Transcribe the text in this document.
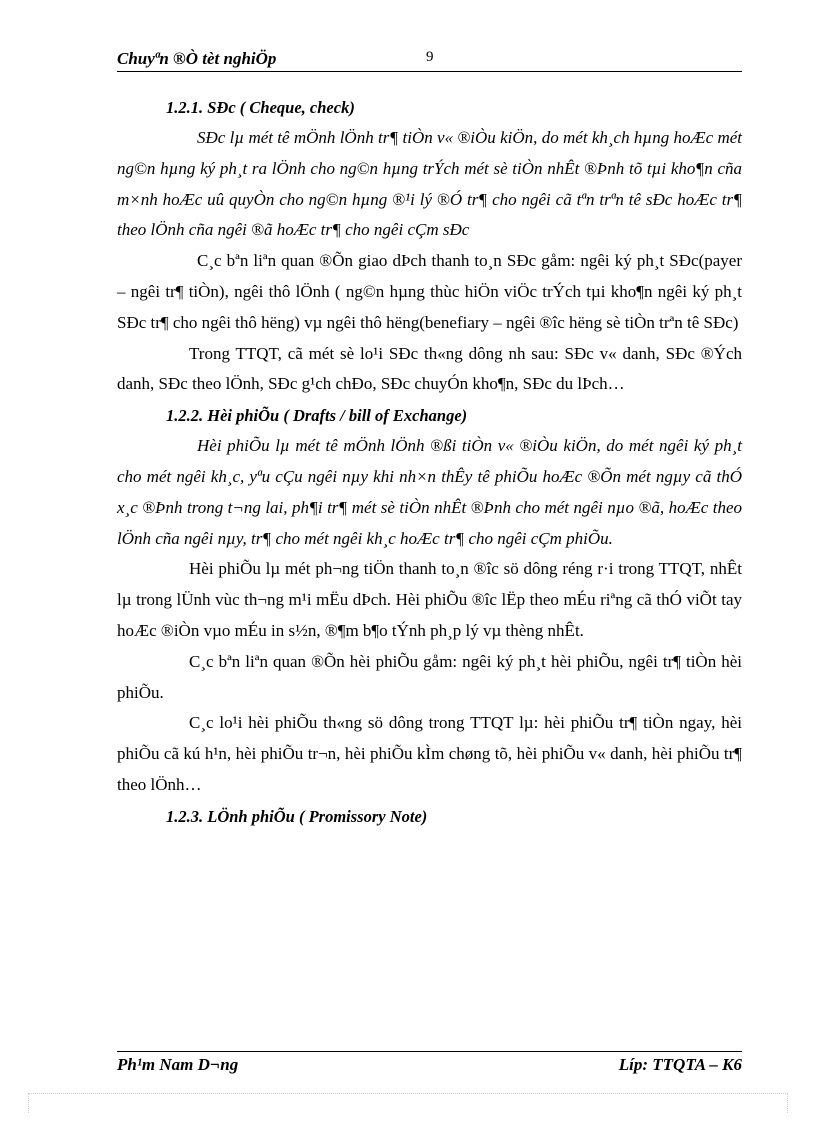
Chuyªn ®Ò tèt nghiÖp	9

1.2.1. SÐc ( Cheque, check)

SÐc lµ mét tê mÖnh lÖnh tr¶ tiÒn v« ®iÒu kiÖn, do mét kh¸ch hµng hoÆc mét ng©n hµng ký ph¸t ra lÖnh cho ng©n hµng trÝch mét sè tiÒn nhÊt ®Þnh tõ tµi kho¶n cña m×nh hoÆc uû quyÒn cho ng©n hµng ®¹i lý ®Ó tr¶ cho ngêi cã tªn trªn tê sÐc hoÆc tr¶ theo lÖnh cña ngêi ®ã hoÆc tr¶ cho ngêi cÇm sÐc

C¸c bªn liªn quan ®Õn giao dÞch thanh to¸n SÐc gåm: ngêi ký ph¸t SÐc(payer – ngêi tr¶ tiÒn), ngêi thô lÖnh ( ng©n hµng thùc hiÖn viÖc trÝch tµi kho¶n ngêi ký ph¸t SÐc tr¶ cho ngêi thô hëng) vµ ngêi thô hëng(benefiary – ngêi ®îc hëng sè tiÒn trªn tê SÐc)

Trong TTQT, cã mét sè lo¹i SÐc th«ng dông nh sau: SÐc v« danh, SÐc ®Ých danh, SÐc theo lÖnh, SÐc g¹ch chÐo, SÐc chuyÓn kho¶n, SÐc du lÞch…

1.2.2. Hèi phiÕu ( Drafts / bill of Exchange)

Hèi phiÕu lµ mét tê mÖnh lÖnh ®ßi tiÒn v« ®iÒu kiÖn, do mét ngêi ký ph¸t cho mét ngêi kh¸c, yªu cÇu ngêi nµy khi nh×n thÊy tê phiÕu hoÆc ®Õn mét ngµy cã thÓ x¸c ®Þnh trong t¬ng lai, ph¶i tr¶ mét sè tiÒn nhÊt ®Þnh cho mét ngêi nµo ®ã, hoÆc theo lÖnh cña ngêi nµy, tr¶ cho mét ngêi kh¸c hoÆc tr¶ cho ngêi cÇm phiÕu.

Hèi phiÕu lµ mét ph¬ng tiÖn thanh to¸n ®îc sö dông réng r·i trong TTQT, nhÊt lµ trong lÜnh vùc th¬ng m¹i mËu dÞch. Hèi phiÕu ®îc lËp theo mÉu riªng cã thÓ viÕt tay hoÆc ®iÒn vµo mÉu in s½n, ®¶m b¶o tÝnh ph¸p lý vµ thèng nhÊt.

C¸c bªn liªn quan ®Õn hèi phiÕu gåm: ngêi ký ph¸t hèi phiÕu, ngêi tr¶ tiÒn hèi phiÕu.

C¸c lo¹i hèi phiÕu th«ng sö dông trong TTQT lµ: hèi phiÕu tr¶ tiÒn ngay, hèi phiÕu cã kú h¹n, hèi phiÕu tr¬n, hèi phiÕu kÌm chøng tõ, hèi phiÕu v« danh, hèi phiÕu tr¶ theo lÖnh…

1.2.3. LÖnh phiÕu ( Promissory Note)

Ph¹m Nam D¬ng	Líp: TTQTA – K6
